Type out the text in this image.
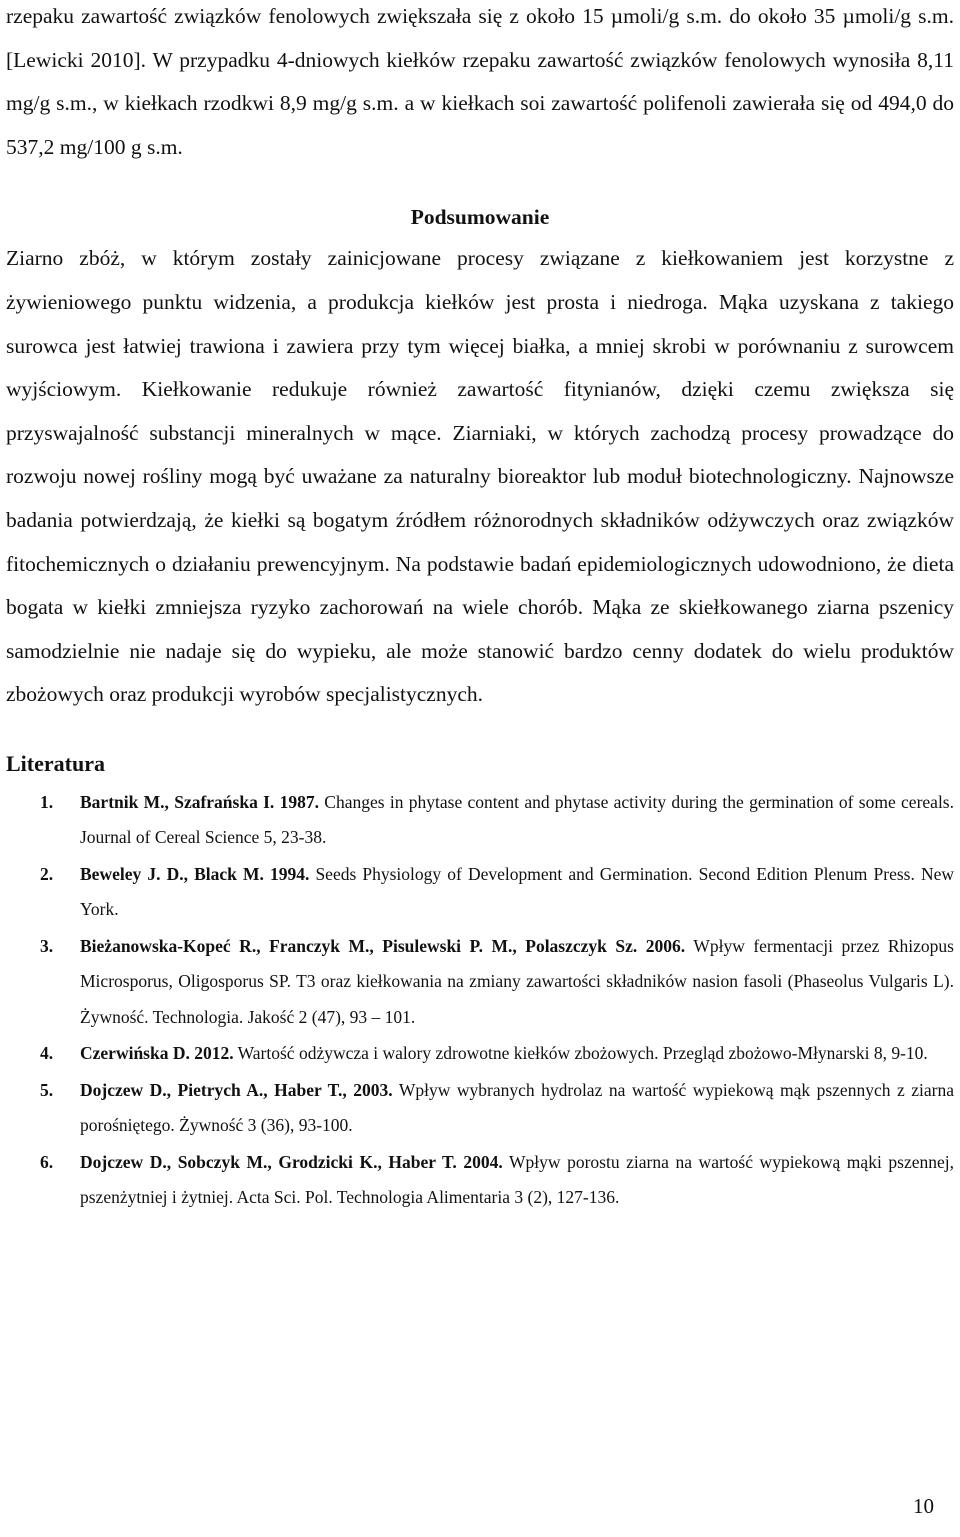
rzepaku zawartość związków fenolowych zwiększała się z około 15 µmoli/g s.m. do około 35 µmoli/g s.m. [Lewicki 2010]. W przypadku 4-dniowych kiełków rzepaku zawartość związków fenolowych wynosiła 8,11 mg/g s.m., w kiełkach rzodkwi 8,9 mg/g s.m. a w kiełkach soi zawartość polifenoli zawierała się od 494,0 do 537,2 mg/100 g s.m.

Podsumowanie

Ziarno zbóż, w którym zostały zainicjowane procesy związane z kiełkowaniem jest korzystne z żywieniowego punktu widzenia, a produkcja kiełków jest prosta i niedroga. Mąka uzyskana z takiego surowca jest łatwiej trawiona i zawiera przy tym więcej białka, a mniej skrobi w porównaniu z surowcem wyjściowym. Kiełkowanie redukuje również zawartość fitynianów, dzięki czemu zwiększa się przyswajalność substancji mineralnych w mące. Ziarniaki, w których zachodzą procesy prowadzące do rozwoju nowej rośliny mogą być uważane za naturalny bioreaktor lub moduł biotechnologiczny. Najnowsze badania potwierdzają, że kiełki są bogatym źródłem różnorodnych składników odżywczych oraz związków fitochemicznych o działaniu prewencyjnym. Na podstawie badań epidemiologicznych udowodniono, że dieta bogata w kiełki zmniejsza ryzyko zachorowań na wiele chorób. Mąka ze skiełkowanego ziarna pszenicy samodzielnie nie nadaje się do wypieku, ale może stanowić bardzo cenny dodatek do wielu produktów zbożowych oraz produkcji wyrobów specjalistycznych.

Literatura
1. Bartnik M., Szafrańska I. 1987. Changes in phytase content and phytase activity during the germination of some cereals. Journal of Cereal Science 5, 23-38.
2. Beweley J. D., Black M. 1994. Seeds Physiology of Development and Germination. Second Edition Plenum Press. New York.
3. Bieżanowska-Kopeć R., Franczyk M., Pisulewski P. M., Polaszczyk Sz. 2006. Wpływ fermentacji przez Rhizopus Microsporus, Oligosporus SP. T3 oraz kiełkowania na zmiany zawartości składników nasion fasoli (Phaseolus Vulgaris L). Żywność. Technologia. Jakość 2 (47), 93 – 101.
4. Czerwińska D. 2012. Wartość odżywcza i walory zdrowotne kiełków zbożowych. Przegląd zbożowo-Młynarski 8, 9-10.
5. Dojczew D., Pietrych A., Haber T., 2003. Wpływ wybranych hydrolaz na wartość wypiekową mąk pszennych z ziarna porośniętego. Żywność 3 (36), 93-100.
6. Dojczew D., Sobczyk M., Grodzicki K., Haber T. 2004. Wpływ porostu ziarna na wartość wypiekową mąki pszennej, pszenżytniej i żytniej. Acta Sci. Pol. Technologia Alimentaria 3 (2), 127-136.
10
